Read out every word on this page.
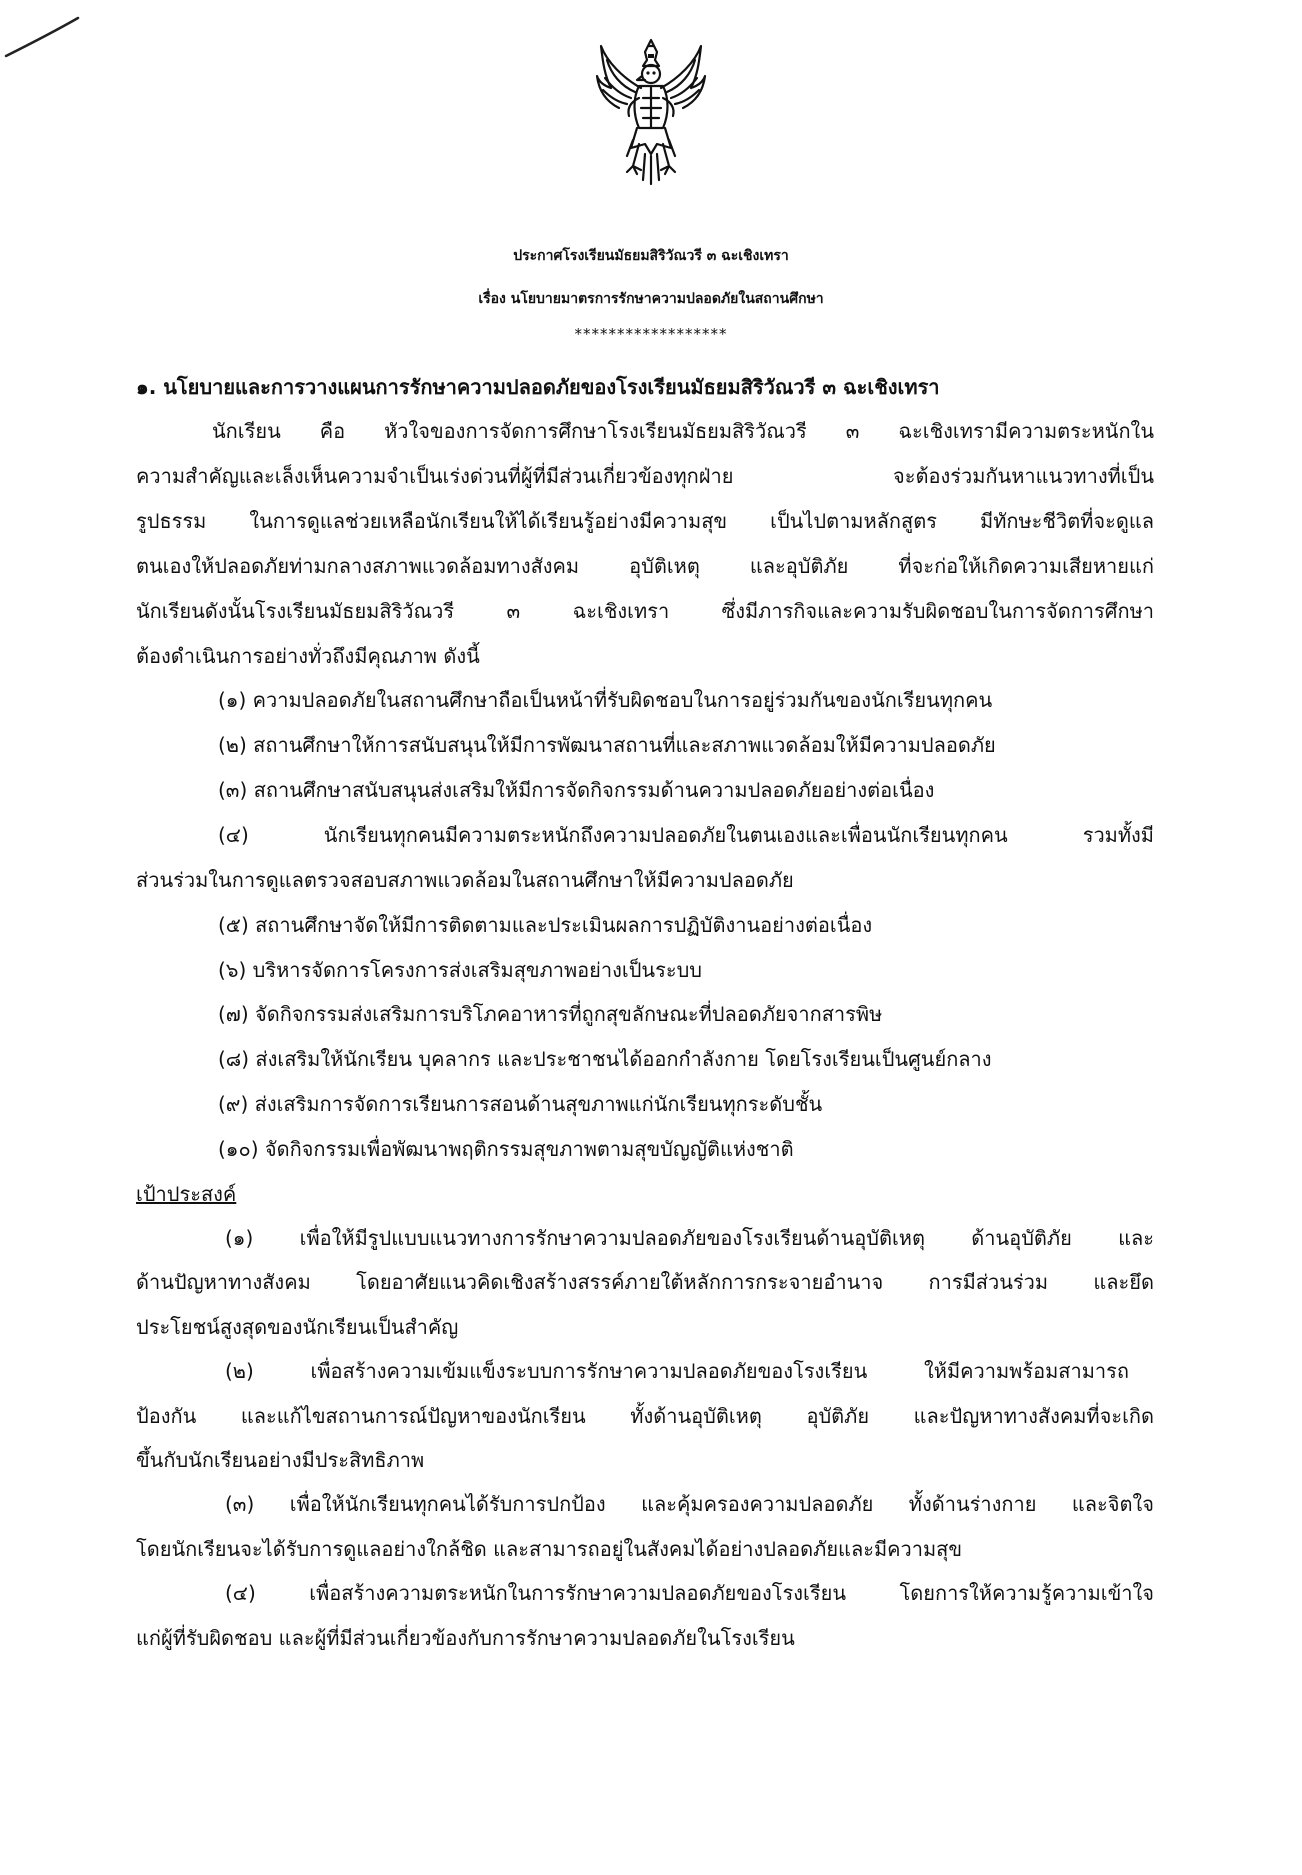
ประกาศโรงเรียนมัธยมสิริวัณวรี ๓ ฉะเชิงเทรา
เรื่อง นโยบายมาตรการรักษาความปลอดภัยในสถานศึกษา
******************
๑. นโยบายและการวางแผนการรักษาความปลอดภัยของโรงเรียนมัธยมสิริวัณวรี ๓ ฉะเชิงเทรา
นักเรียน คือ หัวใจของการจัดการศึกษาโรงเรียนมัธยมสิริวัณวรี ๓ ฉะเชิงเทรามีความตระหนักใน
ความสำคัญและเล็งเห็นความจำเป็นเร่งด่วนที่ผู้ที่มีส่วนเกี่ยวข้องทุกฝ่าย จะต้องร่วมกันหาแนวทางที่เป็น
รูปธรรม ในการดูแลช่วยเหลือนักเรียนให้ได้เรียนรู้อย่างมีความสุข เป็นไปตามหลักสูตร มีทักษะชีวิตที่จะดูแล
ตนเองให้ปลอดภัยท่ามกลางสภาพแวดล้อมทางสังคม อุบัติเหตุ และอุบัติภัย ที่จะก่อให้เกิดความเสียหายแก่
นักเรียนดังนั้นโรงเรียนมัธยมสิริวัณวรี ๓ ฉะเชิงเทรา ซึ่งมีภารกิจและความรับผิดชอบในการจัดการศึกษา
ต้องดำเนินการอย่างทั่วถึงมีคุณภาพ ดังนี้
(๑) ความปลอดภัยในสถานศึกษาถือเป็นหน้าที่รับผิดชอบในการอยู่ร่วมกันของนักเรียนทุกคน
(๒) สถานศึกษาให้การสนับสนุนให้มีการพัฒนาสถานที่และสภาพแวดล้อมให้มีความปลอดภัย
(๓) สถานศึกษาสนับสนุนส่งเสริมให้มีการจัดกิจกรรมด้านความปลอดภัยอย่างต่อเนื่อง
(๔) นักเรียนทุกคนมีความตระหนักถึงความปลอดภัยในตนเองและเพื่อนนักเรียนทุกคน รวมทั้งมี
ส่วนร่วมในการดูแลตรวจสอบสภาพแวดล้อมในสถานศึกษาให้มีความปลอดภัย
(๕) สถานศึกษาจัดให้มีการติดตามและประเมินผลการปฏิบัติงานอย่างต่อเนื่อง
(๖) บริหารจัดการโครงการส่งเสริมสุขภาพอย่างเป็นระบบ
(๗) จัดกิจกรรมส่งเสริมการบริโภคอาหารที่ถูกสุขลักษณะที่ปลอดภัยจากสารพิษ
(๘) ส่งเสริมให้นักเรียน บุคลากร และประชาชนได้ออกกำลังกาย โดยโรงเรียนเป็นศูนย์กลาง
(๙) ส่งเสริมการจัดการเรียนการสอนด้านสุขภาพแก่นักเรียนทุกระดับชั้น
(๑๐) จัดกิจกรรมเพื่อพัฒนาพฤติกรรมสุขภาพตามสุขบัญญัติแห่งชาติ
เป้าประสงค์
(๑) เพื่อให้มีรูปแบบแนวทางการรักษาความปลอดภัยของโรงเรียนด้านอุบัติเหตุ ด้านอุบัติภัย และ
ด้านปัญหาทางสังคม โดยอาศัยแนวคิดเชิงสร้างสรรค์ภายใต้หลักการกระจายอำนาจ การมีส่วนร่วม และยึด
ประโยชน์สูงสุดของนักเรียนเป็นสำคัญ
(๒) เพื่อสร้างความเข้มแข็งระบบการรักษาความปลอดภัยของโรงเรียน ให้มีความพร้อมสามารถ
ป้องกัน และแก้ไขสถานการณ์ปัญหาของนักเรียน ทั้งด้านอุบัติเหตุ อุบัติภัย และปัญหาทางสังคมที่จะเกิด
ขึ้นกับนักเรียนอย่างมีประสิทธิภาพ
(๓) เพื่อให้นักเรียนทุกคนได้รับการปกป้อง และคุ้มครองความปลอดภัย ทั้งด้านร่างกาย และจิตใจ
โดยนักเรียนจะได้รับการดูแลอย่างใกล้ชิด และสามารถอยู่ในสังคมได้อย่างปลอดภัยและมีความสุข
(๔) เพื่อสร้างความตระหนักในการรักษาความปลอดภัยของโรงเรียน โดยการให้ความรู้ความเข้าใจ
แก่ผู้ที่รับผิดชอบ และผู้ที่มีส่วนเกี่ยวข้องกับการรักษาความปลอดภัยในโรงเรียน
